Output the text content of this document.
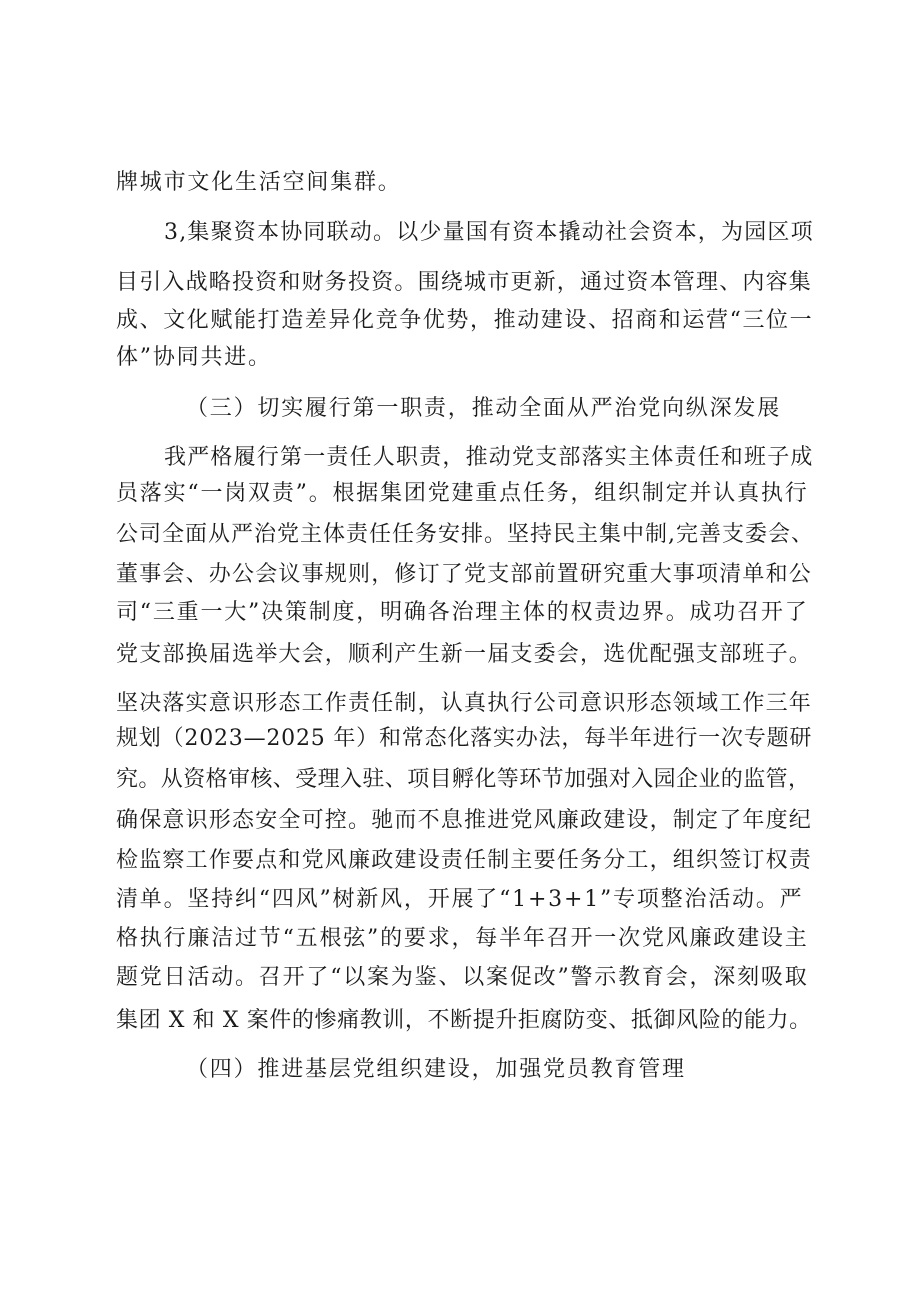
牌城市文化生活空间集群。
3,集聚资本协同联动。以少量国有资本撬动社会资本，为园区项
目引入战略投资和财务投资。围绕城市更新，通过资本管理、内容集
成、文化赋能打造差异化竞争优势，推动建设、招商和运营“三位一
体”协同共进。
（三）切实履行第一职责，推动全面从严治党向纵深发展
我严格履行第一责任人职责，推动党支部落实主体责任和班子成
员落实“一岗双责”。根据集团党建重点任务，组织制定并认真执行
公司全面从严治党主体责任任务安排。坚持民主集中制,完善支委会、
董事会、办公会议事规则，修订了党支部前置研究重大事项清单和公
司“三重一大”决策制度，明确各治理主体的权责边界。成功召开了
党支部换届选举大会，顺利产生新一届支委会，选优配强支部班子。
坚决落实意识形态工作责任制，认真执行公司意识形态领域工作三年
规划（2023—2025 年）和常态化落实办法，每半年进行一次专题研
究。从资格审核、受理入驻、项目孵化等环节加强对入园企业的监管，
确保意识形态安全可控。驰而不息推进党风廉政建设，制定了年度纪
检监察工作要点和党风廉政建设责任制主要任务分工，组织签订权责
清单。坚持纠“四风”树新风，开展了“1+3+1”专项整治活动。严
格执行廉洁过节“五根弦”的要求，每半年召开一次党风廉政建设主
题党日活动。召开了“以案为鉴、以案促改”警示教育会，深刻吸取
集团 X 和 X 案件的惨痛教训，不断提升拒腐防变、抵御风险的能力。
（四）推进基层党组织建设，加强党员教育管理
